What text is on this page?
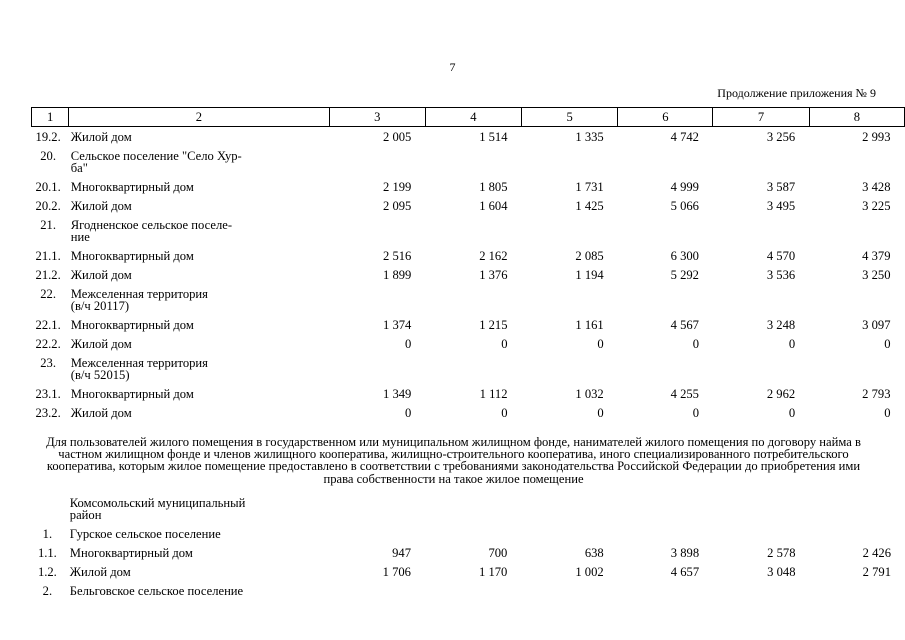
7
Продолжение приложения № 9
1	2	3	4	5	6	7	8
19.2.	Жилой дом	2 005	1 514	1 335	4 742	3 256	2 993
20.	Сельское поселение "Село Хур-
ба"						
20.1.	Многоквартирный дом	2 199	1 805	1 731	4 999	3 587	3 428
20.2.	Жилой дом	2 095	1 604	1 425	5 066	3 495	3 225
21.	Ягодненское сельское поселе-
ние						
21.1.	Многоквартирный дом	2 516	2 162	2 085	6 300	4 570	4 379
21.2.	Жилой дом	1 899	1 376	1 194	5 292	3 536	3 250
22.	Межселенная территория
(в/ч 20117)						
22.1.	Многоквартирный дом	1 374	1 215	1 161	4 567	3 248	3 097
22.2.	Жилой дом	0	0	0	0	0	0
23.	Межселенная территория
(в/ч 52015)						
23.1.	Многоквартирный дом	1 349	1 112	1 032	4 255	2 962	2 793
23.2.	Жилой дом	0	0	0	0	0	0
Для пользователей жилого помещения в государственном или муниципальном жилищном фонде, нанимателей жилого помещения по договору найма в частном жилищном фонде и членов жилищного кооператива, жилищно-строительного кооператива, иного специализированного потребительского кооператива, которым жилое помещение предоставлено в соответствии с требованиями законодательства Российской Федерации до приобретения ими права собственности на такое жилое помещение
	Комсомольский муниципальный
район						
1.	Гурское сельское поселение						
1.1.	Многоквартирный дом	947	700	638	3 898	2 578	2 426
1.2.	Жилой дом	1 706	1 170	1 002	4 657	3 048	2 791
2.	Бельговское сельское поселение						
